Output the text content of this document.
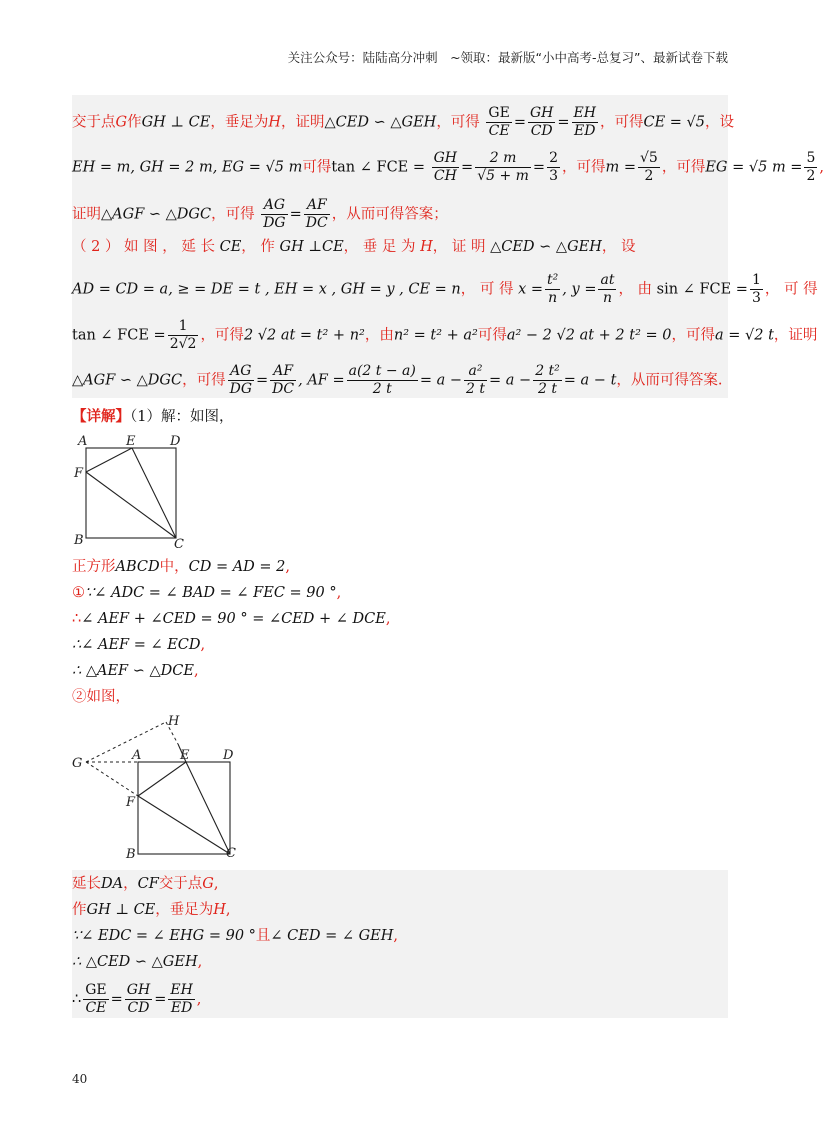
关注公众号：陆陆高分冲刺　~领取：最新版“小中高考-总复习”、最新试卷下载
交于点G作GH ⊥ CE，垂足为H，证明△CED ∽ △GEH，可得 $\frac{GE}{CE} = \frac{GH}{CD} = \frac{EH}{ED}$ ，可得CE = √5，设
EH = m, GH = 2 m, EG = √5 m可得tan ∠ FCE = $\frac{GH}{CH} = \frac{2 m}{√5 + m} = \frac{2}{3}$ ，可得$m = \frac{√5}{2}$ ，可得EG = √5 $m = \frac{5}{2}$ ,
证明△AGF ∽ △DGC，可得 $\frac{AG}{DG} = \frac{AF}{DC}$ ，从而可得答案；
（ 2 ） 如 图 ， 延 长 CE， 作 GH ⊥CE， 垂 足 为 H， 证 明 △CED ∽ △GEH， 设
AD = CD = a, ≥ = DE = t , EH = x , GH = y , CE = n， 可 得 $x = \frac{\text{t²}}{n}$ , $y = \frac{at}{n}$ ， 由 sin ∠ FCE = $\frac{1}{3}$ ， 可 得
tan ∠ FCE = $\frac{1}{2√2}$ ，可得2 √2 at = t² + n²，由n² = t² + a²可得a² − 2 √2 at + 2 t² = 0，可得a = √2 t，证明
△AGF ∽ △DGC，可得 $\frac{AG}{DG} = \frac{AF}{DC}$ , AF = $\frac{a(2 t - a)}{2 t} = a - \frac{\text{a²}}{2 t} = a - \frac{\text{2 t²}}{2 t} = a - t$，从而可得答案.
【详解】（1）解：如图，
A	E	D
F
B	C
正方形ABCD中，CD = AD = 2,
①∵∠ ADC = ∠ BAD = ∠ FEC = 90 °,
∴∠ AEF + ∠CED = 90 ° = ∠CED + ∠ DCE,
∴∠ AEF = ∠ ECD,
∴ △AEF ∽ △DCE,
②如图，
H
G
A	E	D
F
B	C
延长DA，CF交于点G,
作GH ⊥ CE，垂足为H,
∵∠ EDC = ∠ EHG = 90 °且∠ CED = ∠ GEH,
∴ △CED ∽ △GEH,
∴ $\frac{GE}{CE} = \frac{GH}{CD} = \frac{EH}{ED}$ ,
40
